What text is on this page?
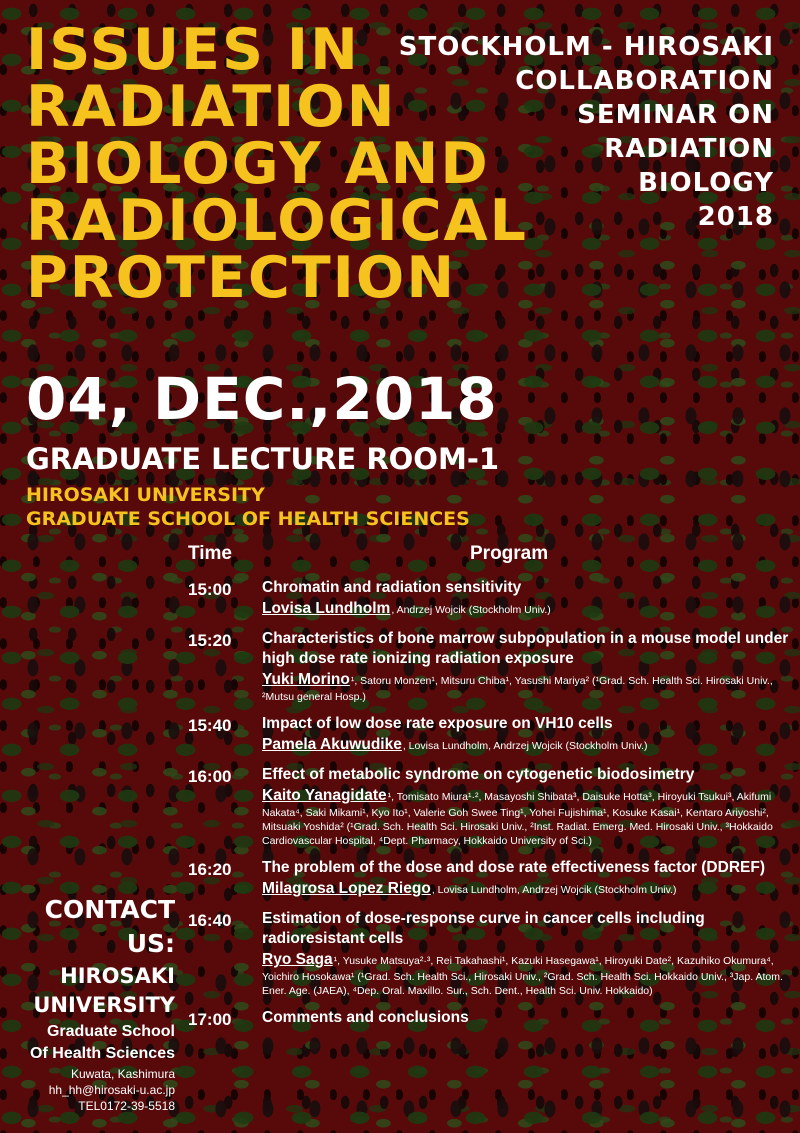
ISSUES IN
RADIATION
BIOLOGY AND
RADIOLOGICAL
PROTECTION
STOCKHOLM - HIROSAKI
COLLABORATION
SEMINAR ON
RADIATION
BIOLOGY
2018
04, DEC.,2018
GRADUATE LECTURE ROOM-1
HIROSAKI UNIVERSITY
GRADUATE SCHOOL OF HEALTH SCIENCES
Time	Program
15:00 Chromatin and radiation sensitivity
Lovisa Lundholm, Andrzej Wojcik (Stockholm Univ.)
15:20 Characteristics of bone marrow subpopulation in a mouse model under high dose rate ionizing radiation exposure
Yuki Morino¹, Satoru Monzen¹, Mitsuru Chiba¹, Yasushi Mariya² (¹Grad. Sch. Health Sci. Hirosaki Univ., ²Mutsu general Hosp.)
15:40 Impact of low dose rate exposure on VH10 cells
Pamela Akuwudike, Lovisa Lundholm, Andrzej Wojcik (Stockholm Univ.)
16:00 Effect of metabolic syndrome on cytogenetic biodosimetry
Kaito Yanagidate¹, Tomisato Miura¹·², Masayoshi Shibata³, Daisuke Hotta³, Hiroyuki Tsukui³, Akifumi Nakata⁴, Saki Mikami¹, Kyo Ito¹, Valerie Goh Swee Ting¹, Yohei Fujishima¹, Kosuke Kasai¹, Kentaro Ariyoshi², Mitsuaki Yoshida² (¹Grad. Sch. Health Sci. Hirosaki Univ., ²Inst. Radiat. Emerg. Med. Hirosaki Univ., ³Hokkaido Cardiovascular Hospital, ⁴Dept. Pharmacy, Hokkaido University of Sci.)
16:20 The problem of the dose and dose rate effectiveness factor (DDREF)
Milagrosa Lopez Riego, Lovisa Lundholm, Andrzej Wojcik (Stockholm Univ.)
16:40 Estimation of dose-response curve in cancer cells including radioresistant cells
Ryo Saga¹, Yusuke Matsuya²·³, Rei Takahashi¹, Kazuki Hasegawa¹, Hiroyuki Date², Kazuhiko Okumura⁴, Yoichiro Hosokawa¹ (¹Grad. Sch. Health Sci., Hirosaki Univ., ²Grad. Sch. Health Sci. Hokkaido Univ., ³Jap. Atom. Ener. Age. (JAEA), ⁴Dep. Oral. Maxillo. Sur., Sch. Dent., Health Sci. Univ. Hokkaido)
17:00 Comments and conclusions
CONTACT
US:
HIROSAKI
UNIVERSITY
Graduate School
Of Health Sciences
Kuwata, Kashimura
hh_hh@hirosaki-u.ac.jp
TEL0172-39-5518
